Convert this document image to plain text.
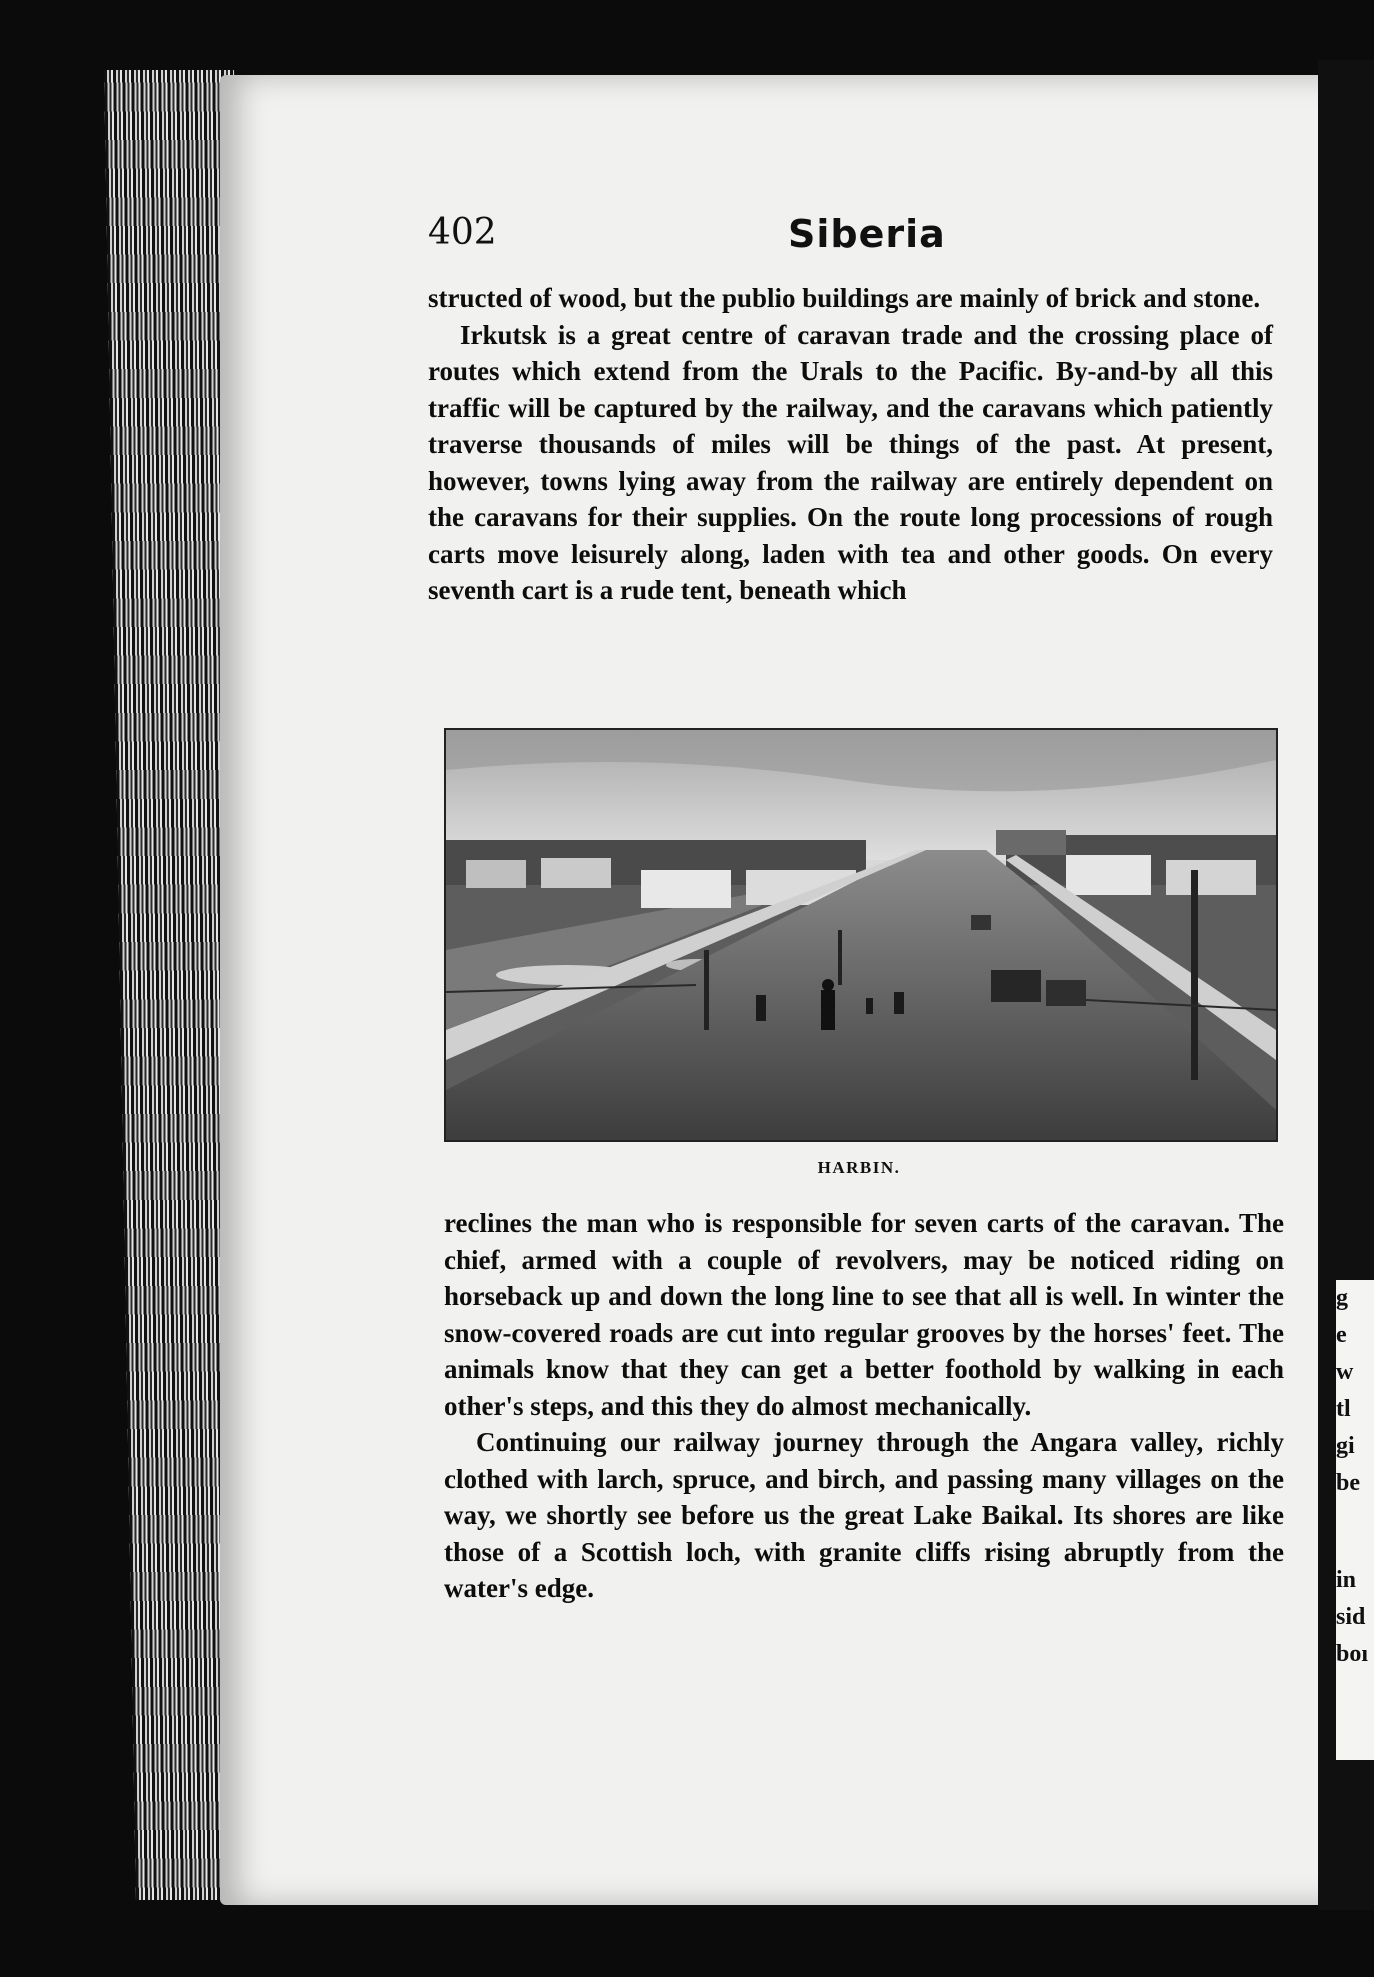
g
e
w
tl
gi
be
in
sid
boı
402	Siberia

structed of wood, but the publio buildings are mainly of brick and stone.

Irkutsk is a great centre of caravan trade and the crossing place of routes which extend from the Urals to the Pacific. By-and-by all this traffic will be captured by the railway, and the caravans which patiently traverse thousands of miles will be things of the past. At present, however, towns lying away from the railway are entirely dependent on the caravans for their supplies. On the route long processions of rough carts move leisurely along, laden with tea and other goods. On every seventh cart is a rude tent, beneath which

HARBIN.

reclines the man who is responsible for seven carts of the caravan. The chief, armed with a couple of revolvers, may be noticed riding on horseback up and down the long line to see that all is well. In winter the snow-covered roads are cut into regular grooves by the horses' feet. The animals know that they can get a better foothold by walking in each other's steps, and this they do almost mechanically.

Continuing our railway journey through the Angara valley, richly clothed with larch, spruce, and birch, and passing many villages on the way, we shortly see before us the great Lake Baikal. Its shores are like those of a Scottish loch, with granite cliffs rising abruptly from the water's edge.
